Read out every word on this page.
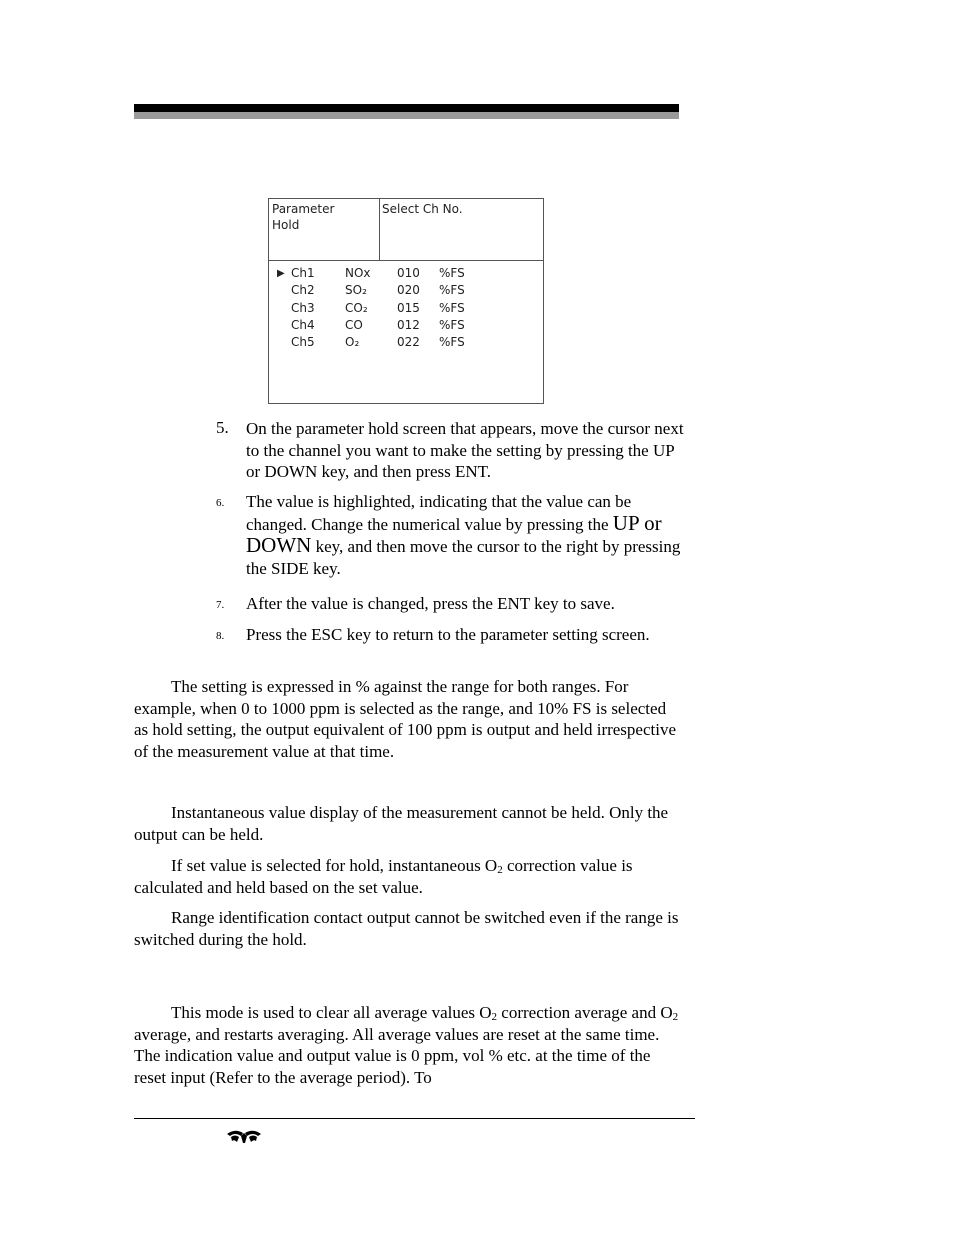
Parameter
Hold
Select Ch No.
▶ Ch1	NOx 010 %FS
Ch2	SO₂	020 %FS
Ch3	CO₂ 015 %FS
Ch4	CO	012 %FS
Ch5	O₂	022 %FS
5. On the parameter hold screen that appears, move the cursor next to the channel you want to make the setting by pressing the UP or DOWN key, and then press ENT.
6. The value is highlighted, indicating that the value can be changed. Change the numerical value by pressing the UP or DOWN key, and then move the cursor to the right by pressing the SIDE key.
7. After the value is changed, press the ENT key to save.
8. Press the ESC key to return to the parameter setting screen.
The setting is expressed in % against the range for both ranges. For example, when 0 to 1000 ppm is selected as the range, and 10% FS is selected as hold setting, the output equivalent of 100 ppm is output and held irrespective of the measurement value at that time.
Instantaneous value display of the measurement cannot be held. Only the output can be held.
If set value is selected for hold, instantaneous $O_2$ correction value is calculated and held based on the set value.
Range identification contact output cannot be switched even if the range is switched during the hold.
This mode is used to clear all average values $O_2$ correction average and $O_2$ average, and restarts averaging. All average values are reset at the same time. The indication value and output value is 0 ppm, vol % etc. at the time of the reset input (Refer to the average period). To
